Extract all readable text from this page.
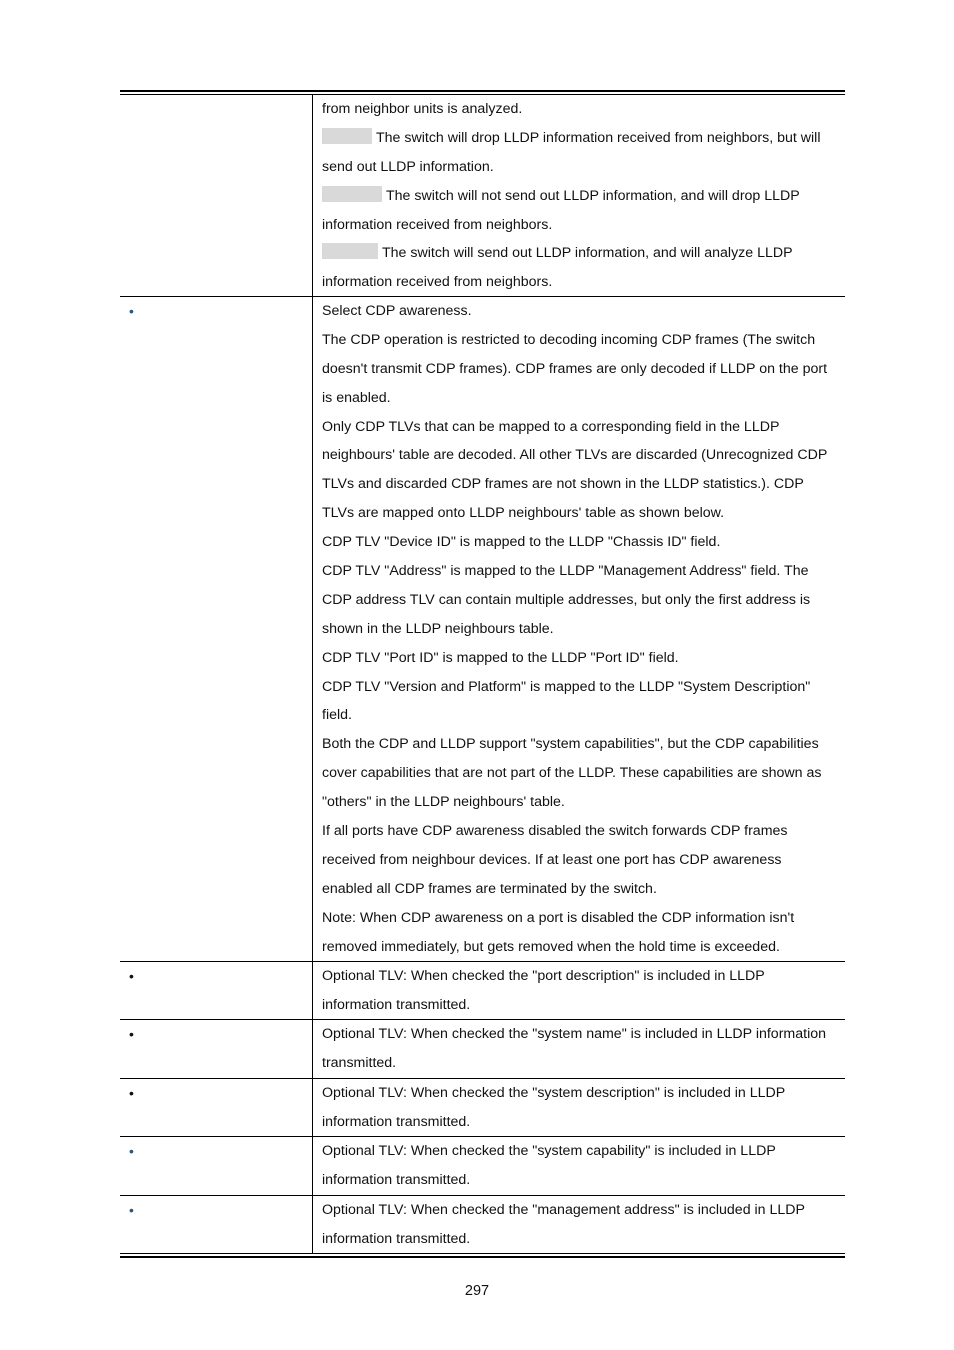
from neighbor units is analyzed.
The switch will drop LLDP information received from neighbors, but will
send out LLDP information.
The switch will not send out LLDP information, and will drop LLDP
information received from neighbors.
The switch will send out LLDP information, and will analyze LLDP
information received from neighbors.
•	Select CDP awareness.
The CDP operation is restricted to decoding incoming CDP frames (The switch
doesn't transmit CDP frames). CDP frames are only decoded if LLDP on the port
is enabled.
Only CDP TLVs that can be mapped to a corresponding field in the LLDP
neighbours' table are decoded. All other TLVs are discarded (Unrecognized CDP
TLVs and discarded CDP frames are not shown in the LLDP statistics.). CDP
TLVs are mapped onto LLDP neighbours' table as shown below.
CDP TLV "Device ID" is mapped to the LLDP "Chassis ID" field.
CDP TLV "Address" is mapped to the LLDP "Management Address" field. The
CDP address TLV can contain multiple addresses, but only the first address is
shown in the LLDP neighbours table.
CDP TLV "Port ID" is mapped to the LLDP "Port ID" field.
CDP TLV "Version and Platform" is mapped to the LLDP "System Description"
field.
Both the CDP and LLDP support "system capabilities", but the CDP capabilities
cover capabilities that are not part of the LLDP. These capabilities are shown as
"others" in the LLDP neighbours' table.
If all ports have CDP awareness disabled the switch forwards CDP frames
received from neighbour devices. If at least one port has CDP awareness
enabled all CDP frames are terminated by the switch.
Note: When CDP awareness on a port is disabled the CDP information isn't
removed immediately, but gets removed when the hold time is exceeded.
•	Optional TLV: When checked the "port description" is included in LLDP
information transmitted.
•	Optional TLV: When checked the "system name" is included in LLDP information
transmitted.
•	Optional TLV: When checked the "system description" is included in LLDP
information transmitted.
•	Optional TLV: When checked the "system capability" is included in LLDP
information transmitted.
•	Optional TLV: When checked the "management address" is included in LLDP
information transmitted.
297
